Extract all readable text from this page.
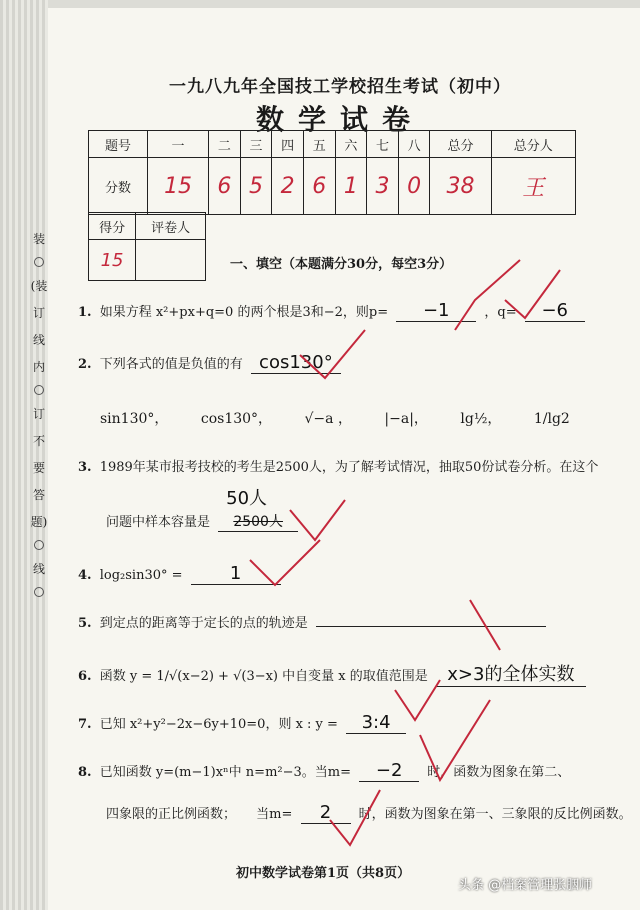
装
(装
订
线
内
订
不
要
答
题)
线
一九八九年全国技工学校招生考试（初中）
数学试卷
题号	一	二	三	四	五	六	七	八	总分	总分人
分数	15	6	5	2	6	1	3	0	38	王
得分	评卷人
15		一、填空（本题满分30分，每空3分）
1. 如果方程 x²+px+q=0 的两个根是3和−2，则p= −1	，q= −6
2. 下列各式的值是负值的有 cos130°
sin130°， cos130°， √−a ， |−a|， lg½， 1/lg2
3. 1989年某市报考技校的考生是2500人，为了解考试情况，抽取50份试卷分析。在这个
问题中样本容量是
50人
2500人
4. log₂sin30° =	1
5. 到定点的距离等于定长的点的轨迹是
6. 函数 y = 1/√(x−2) + √(3−x) 中自变量 x 的取值范围是 x>3的全体实数
7. 已知 x²+y²−2x−6y+10=0，则 x : y = 3:4
8. 已知函数 y=(m−1)xⁿ中 n=m²−3。当m= −2 时，函数为图象在第二、
四象限的正比例函数； 当m= 2 时，函数为图象在第一、三象限的反比例函数。
初中数学试卷第1页（共8页）
头条 @档案管理张胭师
